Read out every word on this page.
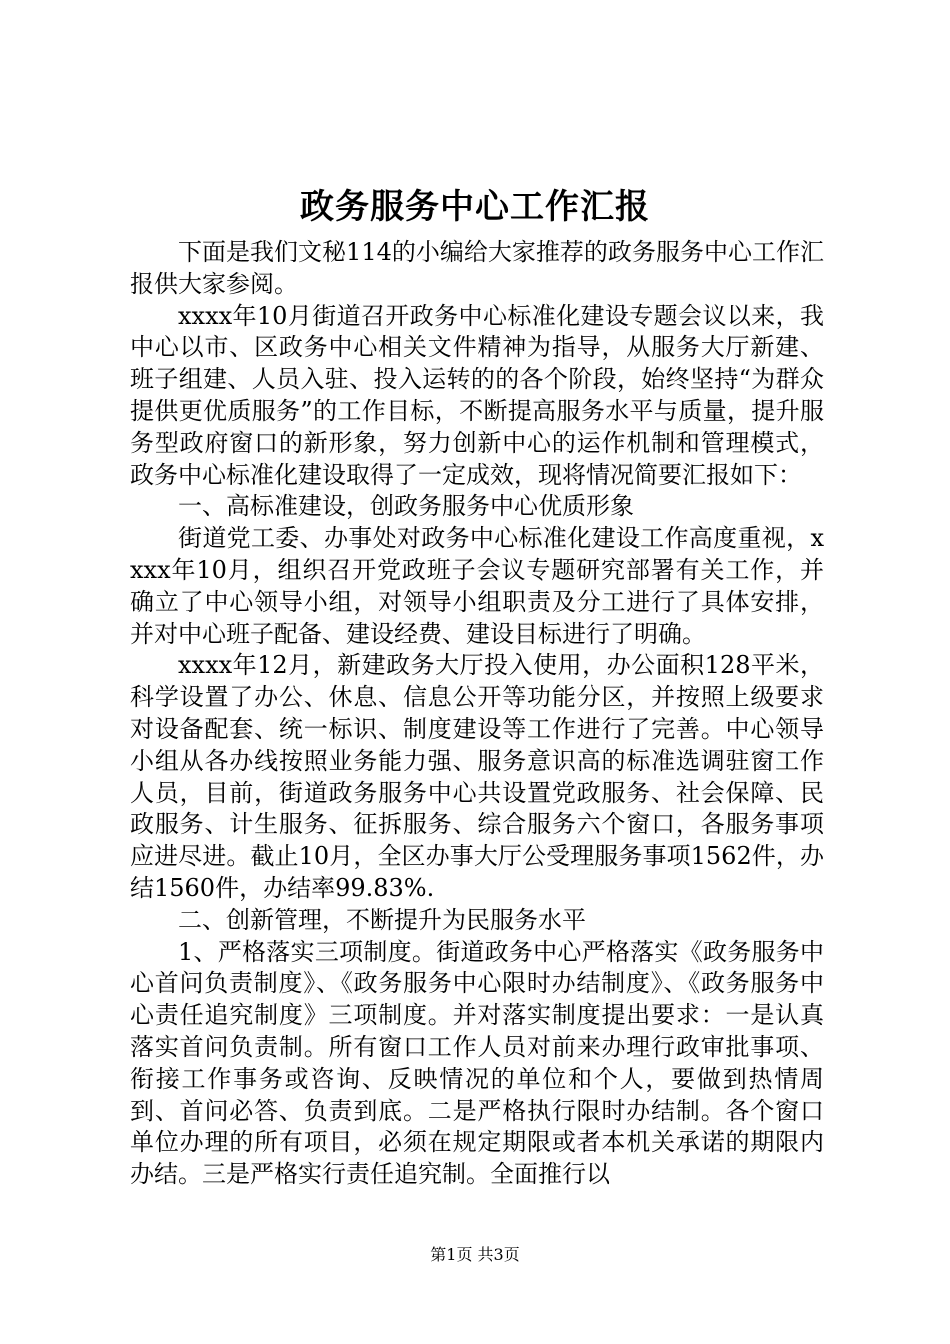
政务服务中心工作汇报

下面是我们文秘114的小编给大家推荐的政务服务中心工作汇报供大家参阅。

xxxx年10月街道召开政务中心标准化建设专题会议以来，我中心以市、区政务中心相关文件精神为指导，从服务大厅新建、班子组建、人员入驻、投入运转的的各个阶段，始终坚持“为群众提供更优质服务”的工作目标，不断提高服务水平与质量，提升服务型政府窗口的新形象，努力创新中心的运作机制和管理模式，政务中心标准化建设取得了一定成效，现将情况简要汇报如下：

一、高标准建设，创政务服务中心优质形象

街道党工委、办事处对政务中心标准化建设工作高度重视，xxxx年10月，组织召开党政班子会议专题研究部署有关工作，并确立了中心领导小组，对领导小组职责及分工进行了具体安排，并对中心班子配备、建设经费、建设目标进行了明确。

xxxx年12月，新建政务大厅投入使用，办公面积128平米，科学设置了办公、休息、信息公开等功能分区，并按照上级要求对设备配套、统一标识、制度建设等工作进行了完善。中心领导小组从各办线按照业务能力强、服务意识高的标准选调驻窗工作人员，目前，街道政务服务中心共设置党政服务、社会保障、民政服务、计生服务、征拆服务、综合服务六个窗口，各服务事项应进尽进。截止10月，全区办事大厅公受理服务事项1562件，办结1560件，办结率99.83%.

二、创新管理，不断提升为民服务水平

1、严格落实三项制度。街道政务中心严格落实《政务服务中心首问负责制度》、《政务服务中心限时办结制度》、《政务服务中心责任追究制度》三项制度。并对落实制度提出要求：一是认真落实首问负责制。所有窗口工作人员对前来办理行政审批事项、衔接工作事务或咨询、反映情况的单位和个人，要做到热情周到、首问必答、负责到底。二是严格执行限时办结制。各个窗口单位办理的所有项目，必须在规定期限或者本机关承诺的期限内办结。三是严格实行责任追究制。全面推行以

第1页 共3页
